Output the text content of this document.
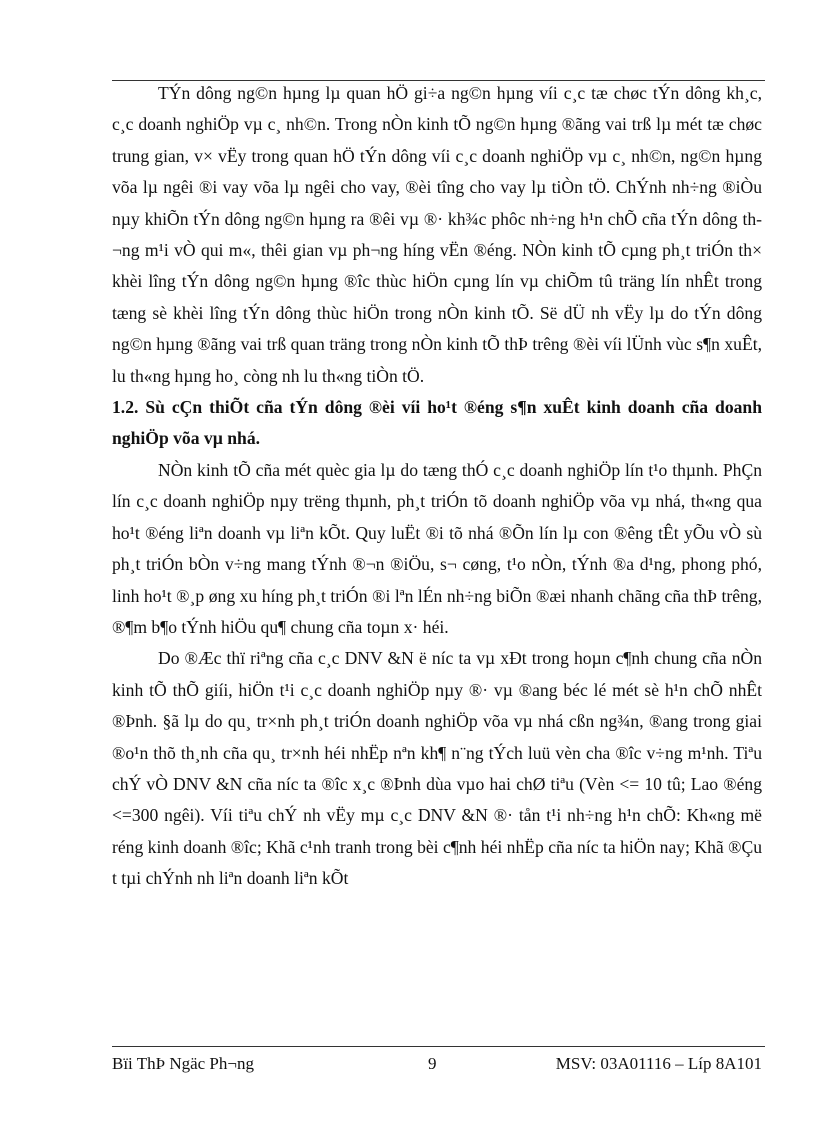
TÝn dông ng©n hµng lµ quan hÖ gi÷a ng©n hµng víi c¸c tæ chøc tÝn dông kh¸c, c¸c doanh nghiÖp vµ c¸ nh©n. Trong nÒn kinh tÕ ng©n hµng ®ãng vai trß lµ mét tæ chøc trung gian, v× vËy trong quan hÖ tÝn dông víi c¸c doanh nghiÖp vµ c¸ nh©n, ng©n hµng võa lµ ngêi ®i vay võa lµ ngêi cho vay, ®èi tîng cho vay lµ tiÒn tÖ. ChÝnh nh÷ng ®iÒu nµy khiÕn tÝn dông ng©n hµng ra ®êi vµ ®· kh¾c phôc nh÷ng h¹n chÕ cña tÝn dông th¬ng m¹i vÒ qui m«, thêi gian vµ ph¬ng híng vËn ®éng. NÒn kinh tÕ cµng ph¸t triÓn th× khèi lîng tÝn dông ng©n hµng ®îc thùc hiÖn cµng lín vµ chiÕm tû träng lín nhÊt trong tæng sè khèi lîng tÝn dông thùc hiÖn trong nÒn kinh tÕ. Së dÜ nh vËy lµ do tÝn dông ng©n hµng ®ãng vai trß quan träng trong nÒn kinh tÕ thÞ trêng ®èi víi lÜnh vùc s¶n xuÊt, lu th«ng hµng ho¸ còng nh lu th«ng tiÒn tÖ.

1.2. Sù cÇn thiÕt cña tÝn dông ®èi víi ho¹t ®éng s¶n xuÊt kinh doanh cña doanh nghiÖp võa vµ nhá.

NÒn kinh tÕ cña mét quèc gia lµ do tæng thÓ c¸c doanh nghiÖp lín t¹o thµnh. PhÇn lín c¸c doanh nghiÖp nµy trëng thµnh, ph¸t triÓn tõ doanh nghiÖp võa vµ nhá, th«ng qua ho¹t ®éng liªn doanh vµ liªn kÕt. Quy luËt ®i tõ nhá ®Õn lín lµ con ®êng tÊt yÕu vÒ sù ph¸t triÓn bÒn v÷ng mang tÝnh ®¬n ®iÖu, s¬ cøng, t¹o nÒn, tÝnh ®a d¹ng, phong phó, linh ho¹t ®¸p øng xu híng ph¸t triÓn ®i lªn lÉn nh÷ng biÕn ®æi nhanh chãng cña thÞ trêng, ®¶m b¶o tÝnh hiÖu qu¶ chung cña toµn x· héi.

Do ®Æc thï riªng cña c¸c DNV &N ë níc ta vµ xÐt trong hoµn c¶nh chung cña nÒn kinh tÕ thÕ giíi, hiÖn t¹i c¸c doanh nghiÖp nµy ®· vµ ®ang béc lé mét sè h¹n chÕ nhÊt ®Þnh. §ã lµ do qu¸ tr×nh ph¸t triÓn doanh nghiÖp võa vµ nhá cßn ng¾n, ®ang trong giai ®o¹n thõ th¸nh cña qu¸ tr×nh héi nhËp nªn kh¶ n¨ng tÝch luü vèn cha ®îc v÷ng m¹nh. Tiªu chÝ vÒ DNV &N cña níc ta ®îc x¸c ®Þnh dùa vµo hai chØ tiªu (Vèn <= 10 tû; Lao ®éng <=300 ngêi). Víi tiªu chÝ nh vËy mµ c¸c DNV &N ®· tån t¹i nh÷ng h¹n chÕ: Kh«ng më réng kinh doanh ®îc; Khã c¹nh tranh trong bèi c¶nh héi nhËp cña níc ta hiÖn nay; Khã ®Çu t tµi chÝnh nh liªn doanh liªn kÕt

Bïi ThÞ Ngäc Ph¬ng	9	MSV: 03A01116 – Líp 8A101
